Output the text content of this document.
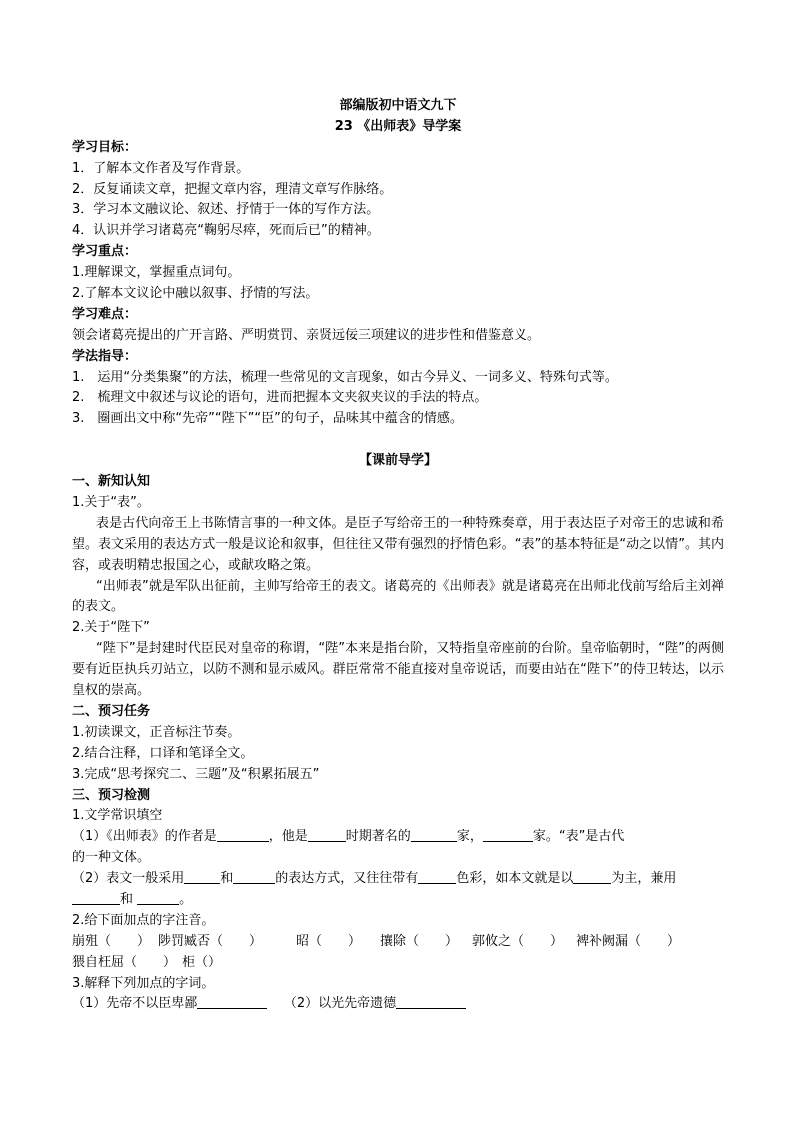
部编版初中语文九下
23 《出师表》导学案
学习目标：
1．了解本文作者及写作背景。
2．反复诵读文章，把握文章内容，理清文章写作脉络。
3．学习本文融议论、叙述、抒情于一体的写作方法。
4．认识并学习诸葛亮“鞠躬尽瘁，死而后已”的精神。
学习重点：
1.理解课文，掌握重点词句。
2.了解本文议论中融以叙事、抒情的写法。
学习难点：
领会诸葛亮提出的广开言路、严明赏罚、亲贤远佞三项建议的进步性和借鉴意义。
学法指导：
1.　运用“分类集聚”的方法，梳理一些常见的文言现象，如古今异义、一词多义、特殊句式等。
2.　梳理文中叙述与议论的语句，进而把握本文夹叙夹议的手法的特点。
3.　圈画出文中称“先帝”“陛下”“臣”的句子，品味其中蕴含的情感。
【课前导学】
一、新知认知
1.关于“表”。
表是古代向帝王上书陈情言事的一种文体。是臣子写给帝王的一种特殊奏章，用于表达臣子对帝王的忠诚和希望。表文采用的表达方式一般是议论和叙事，但往往又带有强烈的抒情色彩。“表”的基本特征是“动之以情”。其内容，或表明精忠报国之心，或献攻略之策。
“出师表”就是军队出征前，主帅写给帝王的表文。诸葛亮的《出师表》就是诸葛亮在出师北伐前写给后主刘禅的表文。
2.关于“陛下”
“陛下”是封建时代臣民对皇帝的称谓，“陛”本来是指台阶，又特指皇帝座前的台阶。皇帝临朝时，“陛”的两侧要有近臣执兵刃站立，以防不测和显示威风。群臣常常不能直接对皇帝说话，而要由站在“陛下”的侍卫转达，以示皇权的崇高。
二、预习任务
1.初读课文，正音标注节奏。
2.结合注释，口译和笔译全文。
3.完成“思考探究二、三题”及“积累拓展五”
三、预习检测
1.文学常识填空
（1）《出师表》的作者是	，他是	时期著名的	家，	家。“表”是古代
的一种文体。
（2）表文一般采用	和	的表达方式，又往往带有	色彩，如本文就是以	为主，兼用
和	。
2.给下面加点的字注音。
崩殂（　　） 陟罚臧否（　　）	昭（　　） 攘除（　　） 郭攸之（　　） 裨补阙漏（　　）
猥自枉屈（　　） 柜（）
3.解释下列加点的字词。
（1）先帝不以臣卑鄙	（2）以光先帝遗德
